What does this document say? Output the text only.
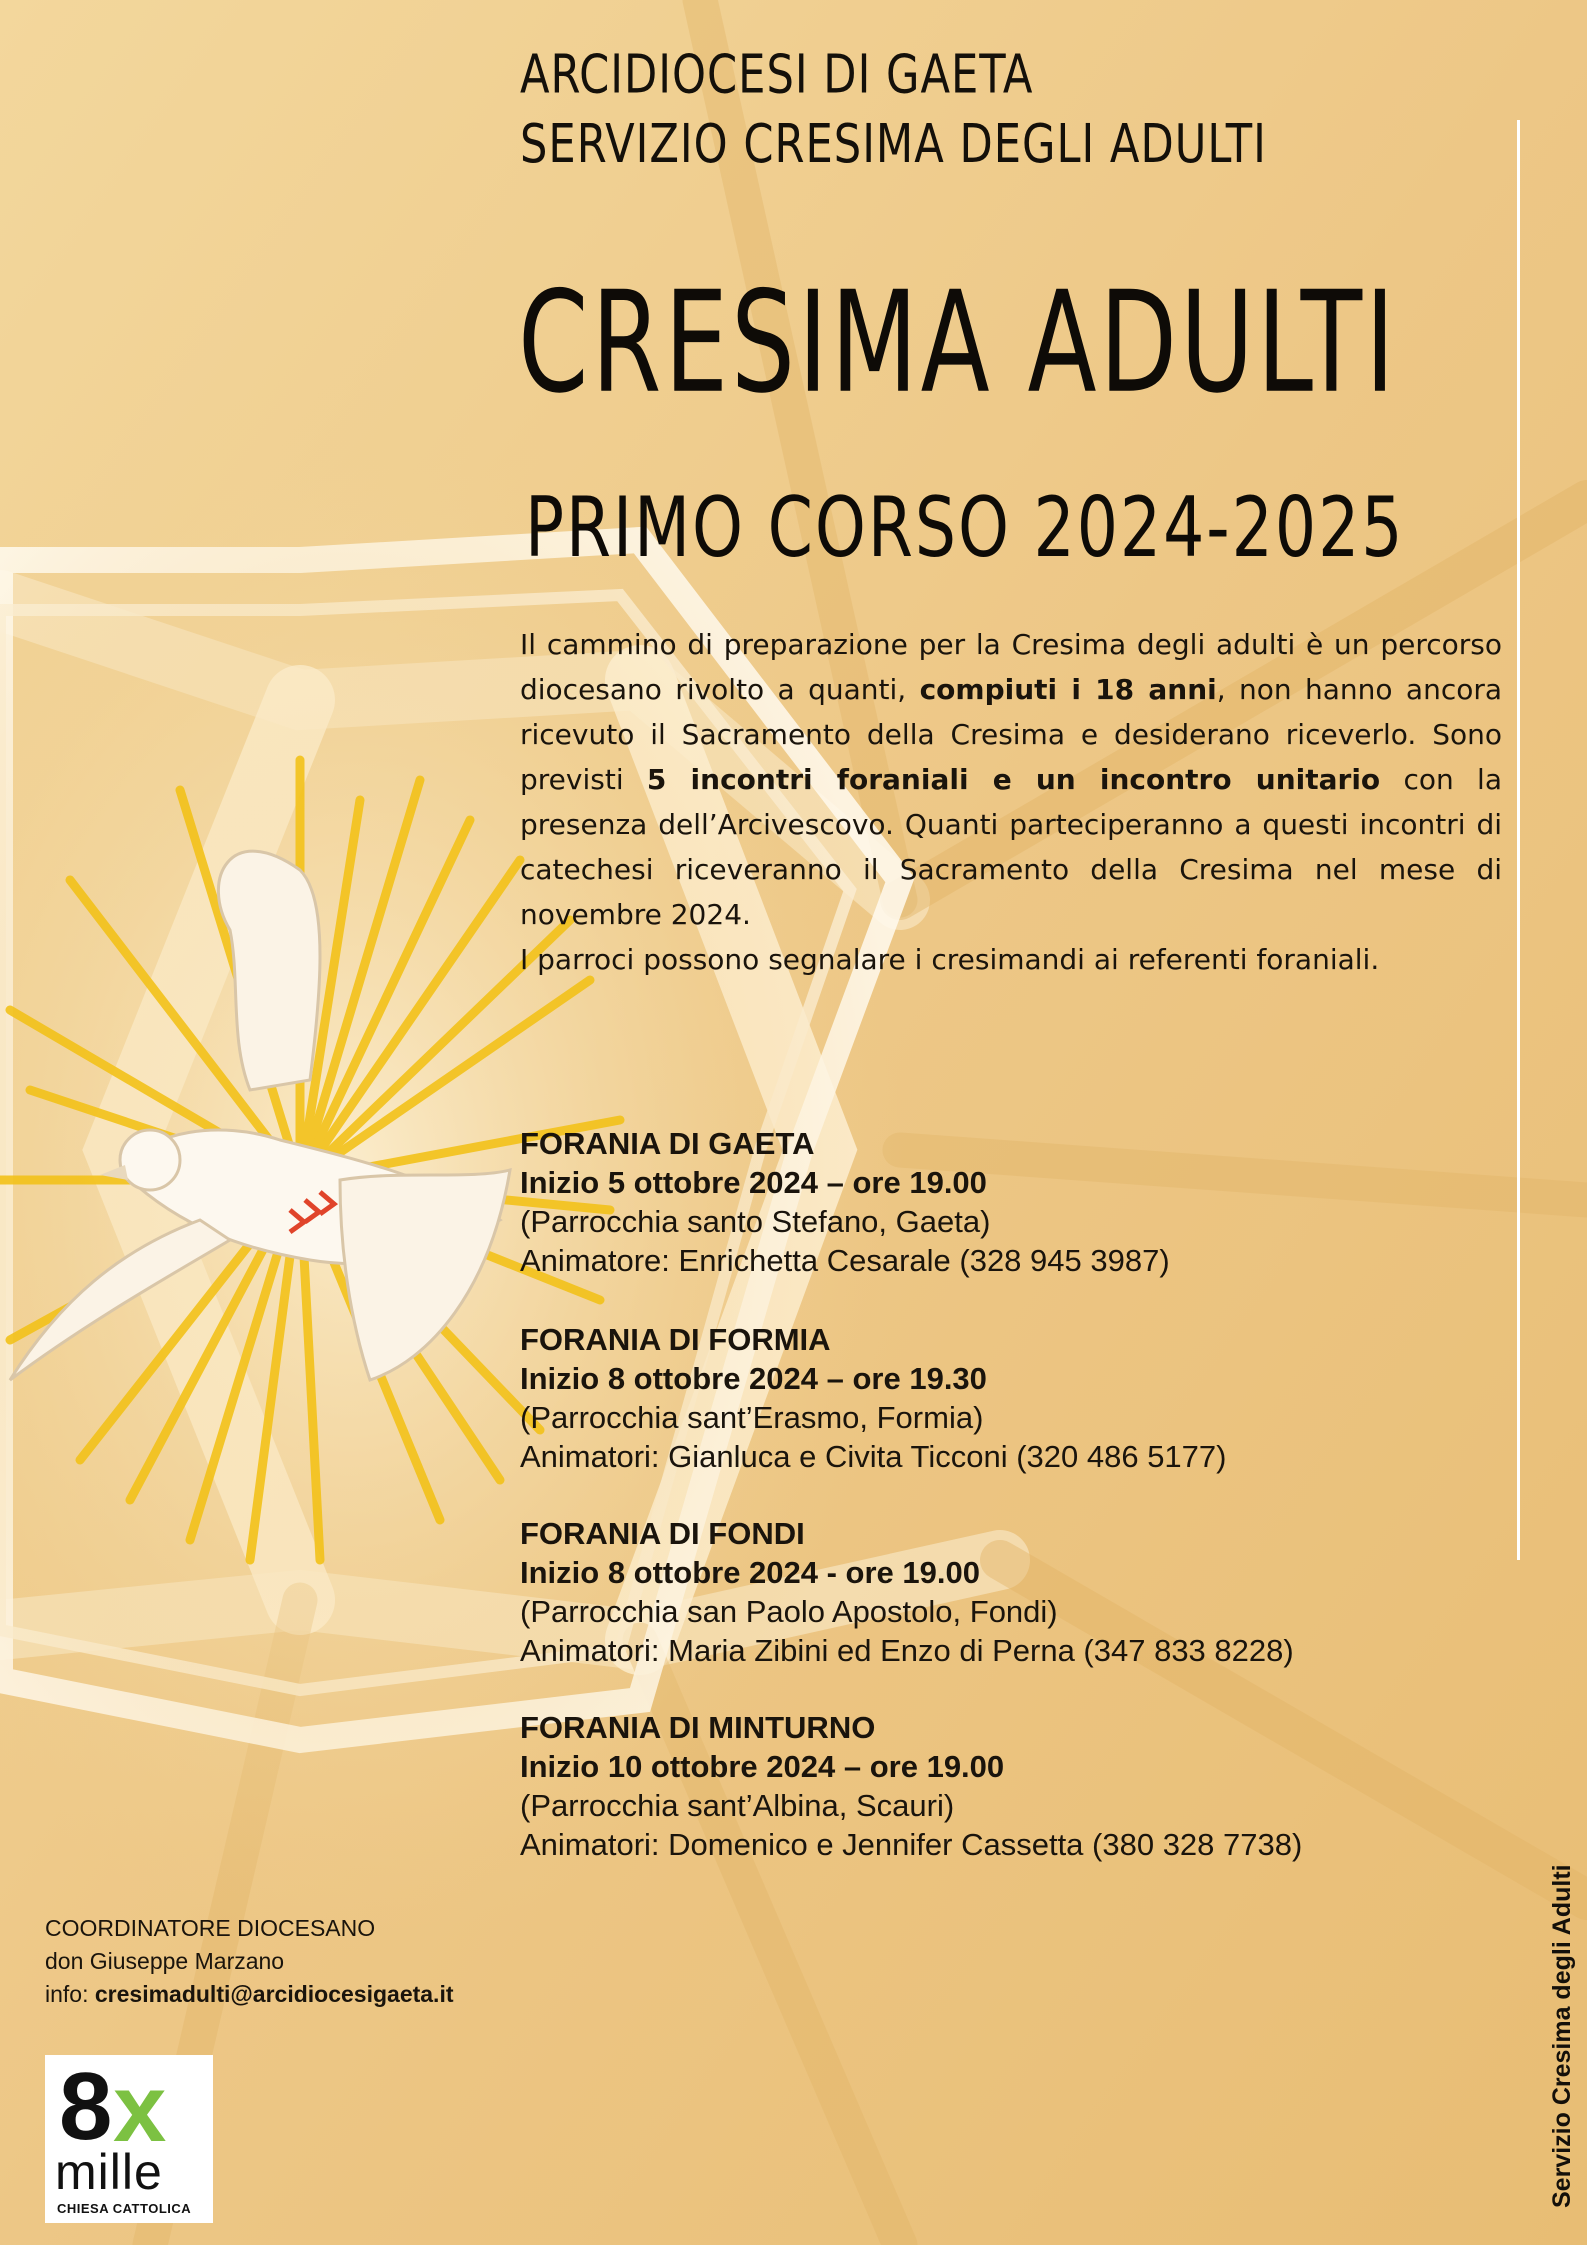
ARCIDIOCESI DI GAETA
SERVIZIO CRESIMA DEGLI ADULTI
CRESIMA ADULTI
PRIMO CORSO 2024-2025

Il cammino di preparazione per la Cresima degli adulti è un percorso diocesano rivolto a quanti, compiuti i 18 anni, non hanno ancora ricevuto il Sacramento della Cresima e desiderano riceverlo. Sono previsti 5 incontri foraniali e un incontro unitario con la presenza dell’Arcivescovo. Quanti parteciperanno a questi incontri di catechesi riceveranno il Sacramento della Cresima nel mese di novembre 2024.

I parroci possono segnalare i cresimandi ai referenti foraniali.

FORANIA DI GAETA
Inizio 5 ottobre 2024 – ore 19.00
(Parrocchia santo Stefano, Gaeta)
Animatore: Enrichetta Cesarale (328 945 3987)
FORANIA DI FORMIA
Inizio 8 ottobre 2024 – ore 19.30
(Parrocchia sant’Erasmo, Formia)
Animatori: Gianluca e Civita Ticconi (320 486 5177)
FORANIA DI FONDI
Inizio 8 ottobre 2024 - ore 19.00
(Parrocchia san Paolo Apostolo, Fondi)
Animatori: Maria Zibini ed Enzo di Perna (347 833 8228)
FORANIA DI MINTURNO
Inizio 10 ottobre 2024 – ore 19.00
(Parrocchia sant’Albina, Scauri)
Animatori: Domenico e Jennifer Cassetta (380 328 7738)
COORDINATORE DIOCESANO
don Giuseppe Marzano
info: cresimadulti@arcidiocesigaeta.it
8 x
mille
CHIESA CATTOLICA
Servizio Cresima degli Adulti
